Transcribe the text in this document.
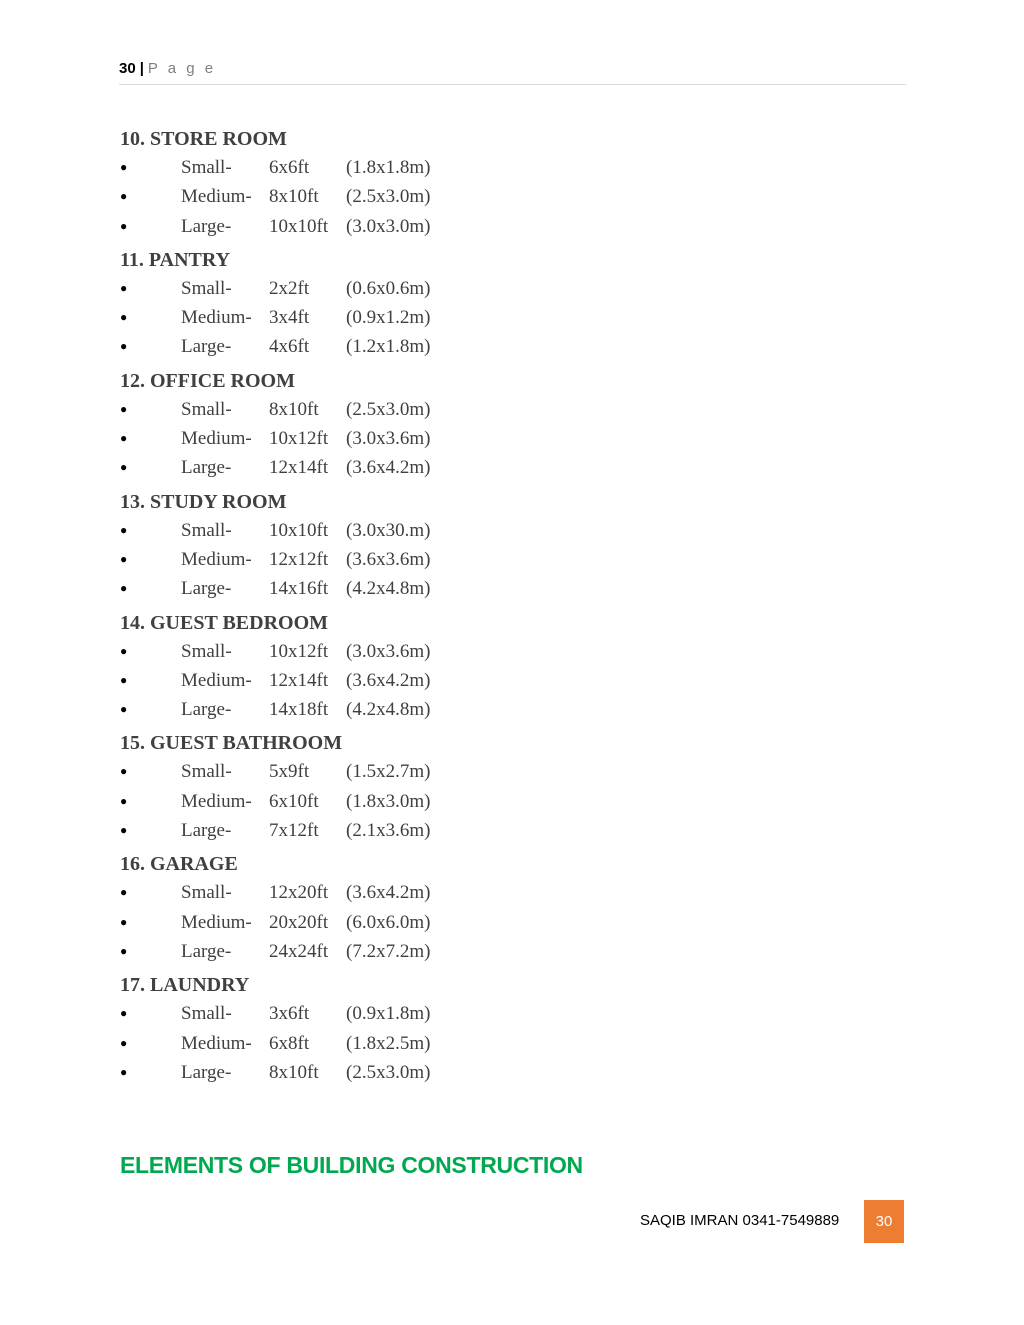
30 | P a g e
10. STORE ROOM
●	Small- 6x6ft (1.8x1.8m)
●	Medium- 8x10ft (2.5x3.0m)
●	Large- 10x10ft (3.0x3.0m)
11. PANTRY
●	Small- 2x2ft (0.6x0.6m)
●	Medium- 3x4ft (0.9x1.2m)
●	Large- 4x6ft (1.2x1.8m)
12. OFFICE ROOM
●	Small- 8x10ft (2.5x3.0m)
●	Medium- 10x12ft (3.0x3.6m)
●	Large- 12x14ft (3.6x4.2m)
13. STUDY ROOM
●	Small- 10x10ft (3.0x30.m)
●	Medium- 12x12ft (3.6x3.6m)
●	Large- 14x16ft (4.2x4.8m)
14. GUEST BEDROOM
●	Small- 10x12ft (3.0x3.6m)
●	Medium- 12x14ft (3.6x4.2m)
●	Large- 14x18ft (4.2x4.8m)
15. GUEST BATHROOM
●	Small- 5x9ft (1.5x2.7m)
●	Medium- 6x10ft (1.8x3.0m)
●	Large- 7x12ft (2.1x3.6m)
16. GARAGE
●	Small- 12x20ft (3.6x4.2m)
●	Medium- 20x20ft (6.0x6.0m)
●	Large- 24x24ft (7.2x7.2m)
17. LAUNDRY
●	Small- 3x6ft (0.9x1.8m)
●	Medium- 6x8ft (1.8x2.5m)
●	Large- 8x10ft (2.5x3.0m)
ELEMENTS OF BUILDING CONSTRUCTION
SAQIB IMRAN 0341-7549889	30
